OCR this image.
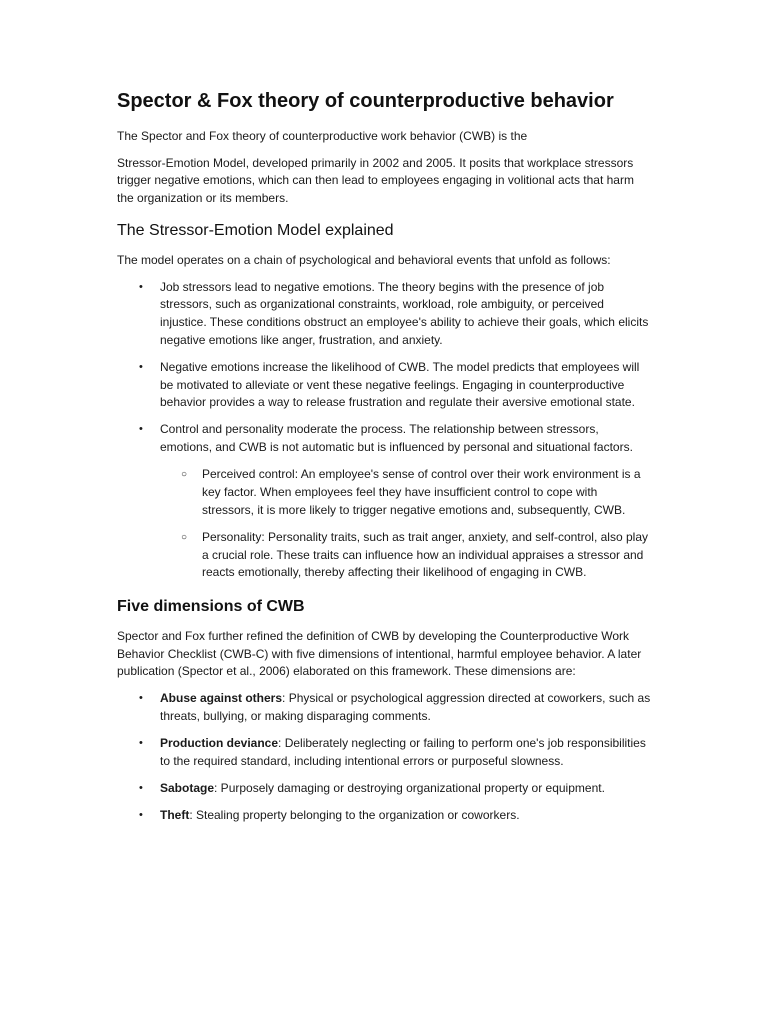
Spector & Fox theory of counterproductive behavior

The Spector and Fox theory of counterproductive work behavior (CWB) is the

Stressor-Emotion Model, developed primarily in 2002 and 2005. It posits that workplace stressors trigger negative emotions, which can then lead to employees engaging in volitional acts that harm the organization or its members.

The Stressor-Emotion Model explained

The model operates on a chain of psychological and behavioral events that unfold as follows:

• Job stressors lead to negative emotions. The theory begins with the presence of job stressors, such as organizational constraints, workload, role ambiguity, or perceived injustice. These conditions obstruct an employee's ability to achieve their goals, which elicits negative emotions like anger, frustration, and anxiety.
• Negative emotions increase the likelihood of CWB. The model predicts that employees will be motivated to alleviate or vent these negative feelings. Engaging in counterproductive behavior provides a way to release frustration and regulate their aversive emotional state.
• Control and personality moderate the process. The relationship between stressors, emotions, and CWB is not automatic but is influenced by personal and situational factors.
○ Perceived control: An employee's sense of control over their work environment is a key factor. When employees feel they have insufficient control to cope with stressors, it is more likely to trigger negative emotions and, subsequently, CWB.
○ Personality: Personality traits, such as trait anger, anxiety, and self-control, also play a crucial role. These traits can influence how an individual appraises a stressor and reacts emotionally, thereby affecting their likelihood of engaging in CWB.
Five dimensions of CWB

Spector and Fox further refined the definition of CWB by developing the Counterproductive Work Behavior Checklist (CWB-C) with five dimensions of intentional, harmful employee behavior. A later publication (Spector et al., 2006) elaborated on this framework. These dimensions are:

• Abuse against others: Physical or psychological aggression directed at coworkers, such as threats, bullying, or making disparaging comments.
• Production deviance: Deliberately neglecting or failing to perform one's job responsibilities to the required standard, including intentional errors or purposeful slowness.
• Sabotage: Purposely damaging or destroying organizational property or equipment.
• Theft: Stealing property belonging to the organization or coworkers.
